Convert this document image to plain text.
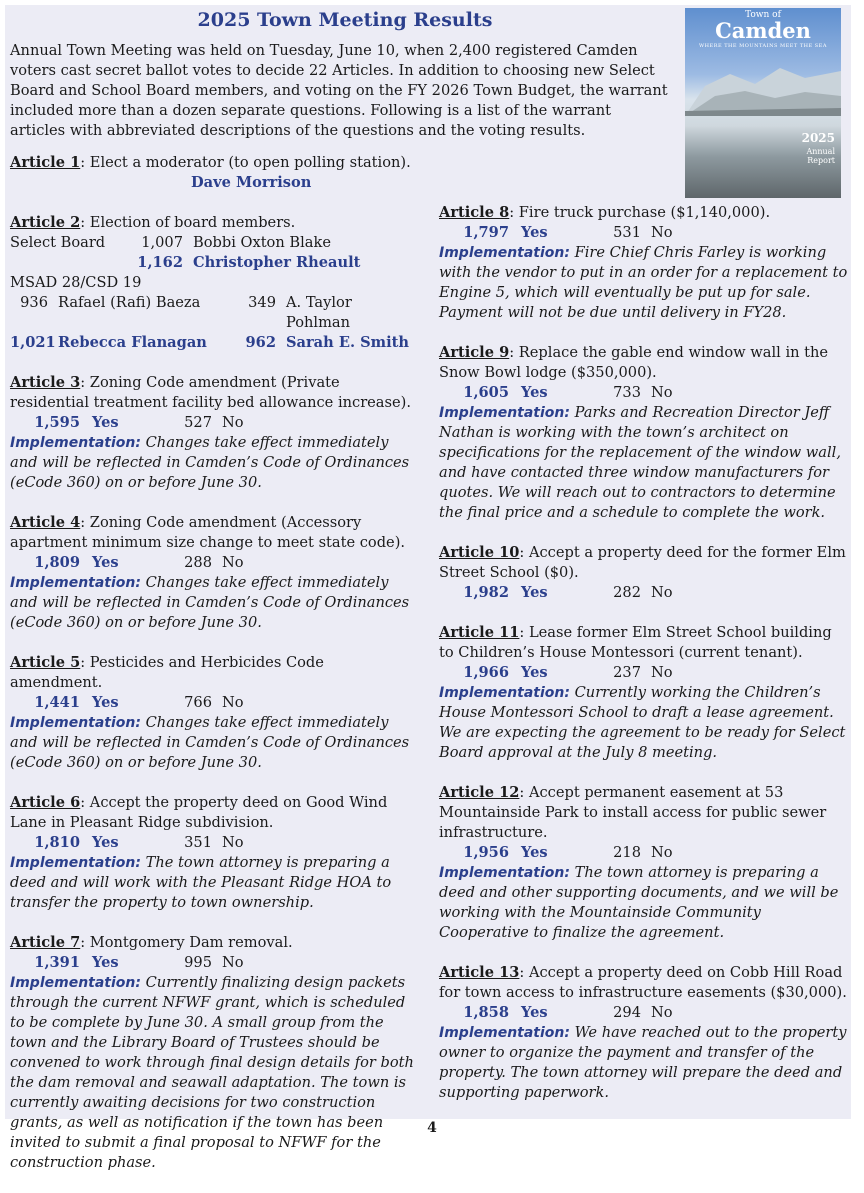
2025 Town Meeting Results
Annual Town Meeting was held on Tuesday, June 10, when 2,400 registered Camden voters cast secret ballot votes to decide 22 Articles. In addition to choosing new Select Board and School Board members, and voting on the FY 2026 Town Budget, the warrant included more than a dozen separate questions. Following is a list of the warrant articles with abbreviated descriptions of the questions and the voting results.
Town of
Camden
WHERE THE MOUNTAINS MEET THE SEA
2025
Annual
Report
Article 1: Elect a moderator (to open polling station).
Dave Morrison
Article 2: Election of board members.
Select Board	1,007 Bobbi Oxton Blake
1,162 Christopher Rheault
MSAD 28/CSD 19
936 Rafael (Rafi) Baeza	349 A. Taylor Pohlman
1,021 Rebecca Flanagan	962 Sarah E. Smith
Article 3: Zoning Code amendment (Private residential treatment facility bed allowance increase).
1,595 Yes	527 No
Implementation: Changes take effect immediately and will be reflected in Camden’s Code of Ordinances (eCode 360) on or before June 30.
Article 4: Zoning Code amendment (Accessory apartment minimum size change to meet state code).
1,809 Yes	288 No
Implementation: Changes take effect immediately and will be reflected in Camden’s Code of Ordinances (eCode 360) on or before June 30.
Article 5: Pesticides and Herbicides Code amendment.
1,441 Yes	766 No
Implementation: Changes take effect immediately and will be reflected in Camden’s Code of Ordinances (eCode 360) on or before June 30.
Article 6: Accept the property deed on Good Wind Lane in Pleasant Ridge subdivision.
1,810 Yes	351 No
Implementation: The town attorney is preparing a deed and will work with the Pleasant Ridge HOA to transfer the property to town ownership.
Article 7: Montgomery Dam removal.
1,391 Yes	995 No
Implementation: Currently finalizing design packets through the current NFWF grant, which is scheduled to be complete by June 30. A small group from the town and the Library Board of Trustees should be convened to work through final design details for both the dam removal and seawall adaptation. The town is currently awaiting decisions for two construction grants, as well as notification if the town has been invited to submit a final proposal to NFWF for the construction phase.
Article 8: Fire truck purchase ($1,140,000).
1,797 Yes	531 No
Implementation: Fire Chief Chris Farley is working with the vendor to put in an order for a replacement to Engine 5, which will eventually be put up for sale. Payment will not be due until delivery in FY28.
Article 9: Replace the gable end window wall in the Snow Bowl lodge ($350,000).
1,605 Yes	733 No
Implementation: Parks and Recreation Director Jeff Nathan is working with the town’s architect on specifications for the replacement of the window wall, and have contacted three window manufacturers for quotes. We will reach out to contractors to determine the final price and a schedule to complete the work.
Article 10: Accept a property deed for the former Elm Street School ($0).
1,982 Yes	282 No
Article 11: Lease former Elm Street School building to Children’s House Montessori (current tenant).
1,966 Yes	237 No
Implementation: Currently working the Children’s House Montessori School to draft a lease agreement. We are expecting the agreement to be ready for Select Board approval at the July 8 meeting.
Article 12: Accept permanent easement at 53 Mountainside Park to install access for public sewer infrastructure.
1,956 Yes	218 No
Implementation: The town attorney is preparing a deed and other supporting documents, and we will be working with the Mountainside Community Cooperative to finalize the agreement.
Article 13: Accept a property deed on Cobb Hill Road for town access to infrastructure easements ($30,000).
1,858 Yes	294 No
Implementation: We have reached out to the property owner to organize the payment and transfer of the property. The town attorney will prepare the deed and supporting paperwork.
4
